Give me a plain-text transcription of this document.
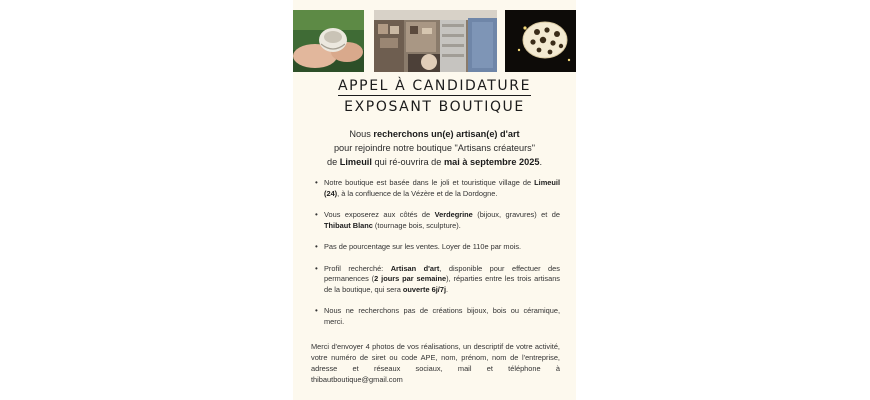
APPEL À CANDIDATURE
EXPOSANT BOUTIQUE
Nous recherchons un(e) artisan(e) d'art
pour rejoindre notre boutique "Artisans créateurs"
de Limeuil qui ré-ouvrira de mai à septembre 2025.
• Notre boutique est basée dans le joli et touristique village de Limeuil (24), à la confluence de la Vézère et de la Dordogne.
• Vous exposerez aux côtés de Verdegrine (bijoux, gravures) et de Thibaut Blanc (tournage bois, sculpture).
• Pas de pourcentage sur les ventes. Loyer de 110e par mois.
• Profil recherché: Artisan d'art, disponible pour effectuer des permanences (2 jours par semaine), réparties entre les trois artisans de la boutique, qui sera ouverte 6j/7j.
• Nous ne recherchons pas de créations bijoux, bois ou céramique, merci.
Merci d'envoyer 4 photos de vos réalisations, un descriptif de votre activité, votre numéro de siret ou code APE, nom, prénom, nom de l'entreprise, adresse et réseaux sociaux, mail et téléphone à thibautboutique@gmail.com
